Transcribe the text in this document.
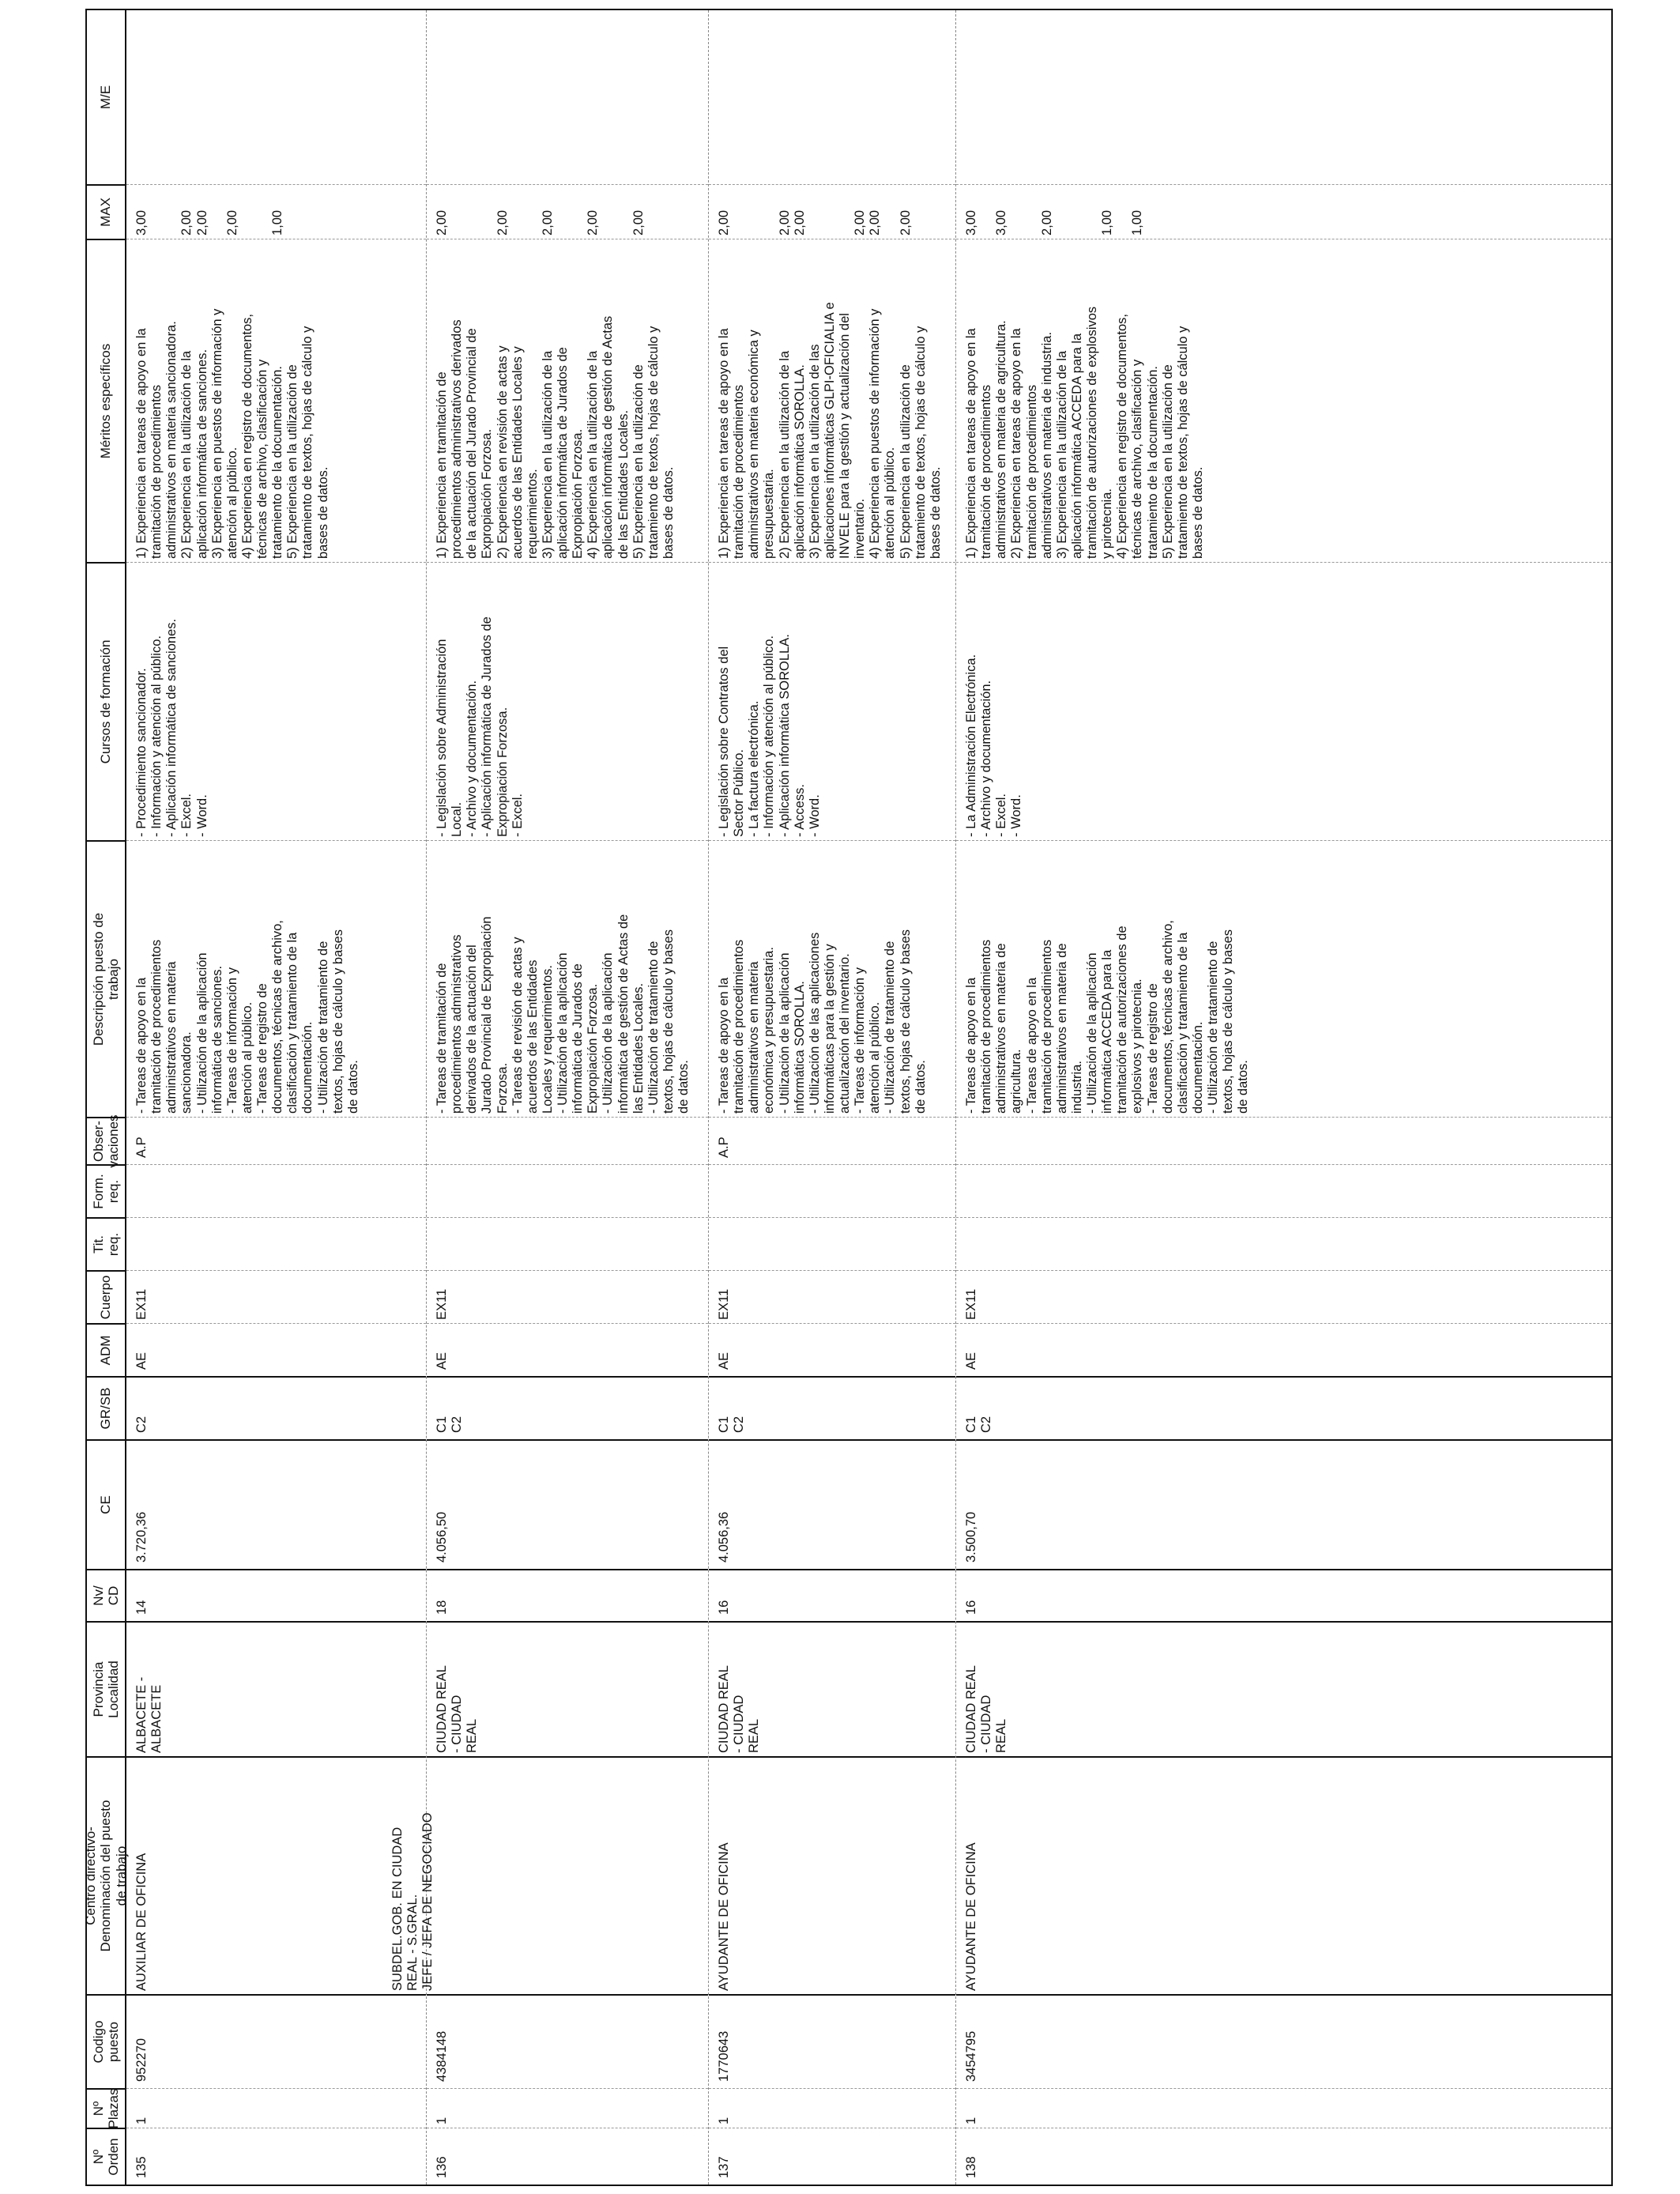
Nº
Orden
Nº
Plazas
Codigo
puesto
Centro directivo-
Denominación del puesto
de trabajo
Provincia
Localidad
Nv/
CD
CE
GR/SB
ADM
Cuerpo
Tit.
req.
Form.
req.
Obser-
vaciones
Descripción puesto de
trabajo
Cursos de formación
Méritos específicos
MAX
M/E
135
1
952270
AUXILIAR DE OFICINA
ALBACETE -
ALBACETE
14
3.720,36
C2
AE
EX11
A.P
- Tareas de apoyo en la
tramitación de procedimientos
administrativos en materia
sancionadora.
- Utilización de la aplicación
informática de sanciones.
- Tareas de información y
atención al público.
- Tareas de registro de
documentos, técnicas de archivo,
clasificación y tratamiento de la
documentación.
- Utilización de tratamiento de
textos, hojas de cálculo y bases
de datos.
- Procedimiento sancionador.
- Información y atención al público.
- Aplicación informática de sanciones.
- Excel.
- Word.
1) Experiencia en tareas de apoyo en la
tramitación de procedimientos
administrativos en materia sancionadora.
2) Experiencia en la utilización de la
aplicación informática de sanciones.
3) Experiencia en puestos de información y
atención al público.
4) Experiencia en registro de documentos,
técnicas de archivo, clasificación y
tratamiento de la documentación.
5) Experiencia en la utilización de
tratamiento de textos, hojas de cálculo y
bases de datos.
3,00

2,00
2,00

2,00

1,00
136
1
4384148
SUBDEL.GOB. EN CIUDAD
REAL - S.GRAL. JEFE / JEFA DE NEGOCIADO
CIUDAD REAL
- CIUDAD
REAL
18
4.056,50
C1
C2
AE
EX11
- Tareas de tramitación de
procedimientos administrativos
derivados de la actuación del
Jurado Provincial de Expropiación
Forzosa.
- Tareas de revisión de actas y
acuerdos de las Entidades
Locales y requerimientos.
- Utilización de la aplicación
informática de Jurados de
Expropiación Forzosa.
- Utilización de la aplicación
informática de gestión de Actas de
las Entidades Locales.
- Utilización de tratamiento de
textos, hojas de cálculo y bases
de datos.
- Legislación sobre Administración
Local.
- Archivo y documentación.
- Aplicación informática de Jurados de
Expropiación Forzosa.
- Excel.
1) Experiencia en tramitación de
procedimientos administrativos derivados
de la actuación del Jurado Provincial de
Expropiación Forzosa.
2) Experiencia en revisión de actas y
acuerdos de las Entidades Locales y
requerimientos.
3) Experiencia en la utilización de la
aplicación informática de Jurados de
Expropiación Forzosa.
4) Experiencia en la utilización de la
aplicación informática de gestión de Actas
de las Entidades Locales.
5) Experiencia en la utilización de
tratamiento de textos, hojas de cálculo y
bases de datos.
2,00

2,00

2,00

2,00

2,00
137
1
1770643
AYUDANTE DE OFICINA
CIUDAD REAL
- CIUDAD
REAL
16
4.056,36
C1
C2
AE
EX11
A.P
- Tareas de apoyo en la
tramitación de procedimientos
administrativos en materia
económica y presupuestaria.
- Utilización de la aplicación
informática SOROLLA.
- Utilización de las aplicaciones
informáticas para la gestión y
actualización del inventario.
- Tareas de información y
atención al público.
- Utilización de tratamiento de
textos, hojas de cálculo y bases
de datos.
- Legislación sobre Contratos del
Sector Público.
- La factura electrónica.
- Información y atención al público.
- Aplicación informática SOROLLA.
- Access.
- Word.
1) Experiencia en tareas de apoyo en la
tramitación de procedimientos
administrativos en materia económica y
presupuestaria.
2) Experiencia en la utilización de la
aplicación informática SOROLLA.
3) Experiencia en la utilización de las
aplicaciones informáticas GLPI-OFICIALIA e
INVELE para la gestión y actualización del
inventario.
4) Experiencia en puestos de información y
atención al público.
5) Experiencia en la utilización de
tratamiento de textos, hojas de cálculo y
bases de datos.
2,00

2,00
2,00

2,00
2,00

2,00
138
1
3454795
AYUDANTE DE OFICINA
CIUDAD REAL
- CIUDAD
REAL
16
3.500,70
C1
C2
AE
EX11
- Tareas de apoyo en la
tramitación de procedimientos
administrativos en materia de
agricultura.
- Tareas de apoyo en la
tramitación de procedimientos
administrativos en materia de
industria.
- Utilización de la aplicación
informática ACCEDA para la
tramitación de autorizaciones de
explosivos y pirotecnia.
- Tareas de registro de
documentos, técnicas de archivo,
clasificación y tratamiento de la
documentación.
- Utilización de tratamiento de
textos, hojas de cálculo y bases
de datos.
- La Administración Electrónica.
- Archivo y documentación.
- Excel.
- Word.
1) Experiencia en tareas de apoyo en la
tramitación de procedimientos
administrativos en materia de agricultura.
2) Experiencia en tareas de apoyo en la
tramitación de procedimientos
administrativos en materia de industria.
3) Experiencia en la utilización de la
aplicación informática ACCEDA para la
tramitación de autorizaciones de explosivos
y pirotecnia.
4) Experiencia en registro de documentos,
técnicas de archivo, clasificación y
tratamiento de la documentación.
5) Experiencia en la utilización de
tratamiento de textos, hojas de cálculo y
bases de datos.
3,00

3,00

2,00

1,00

1,00
